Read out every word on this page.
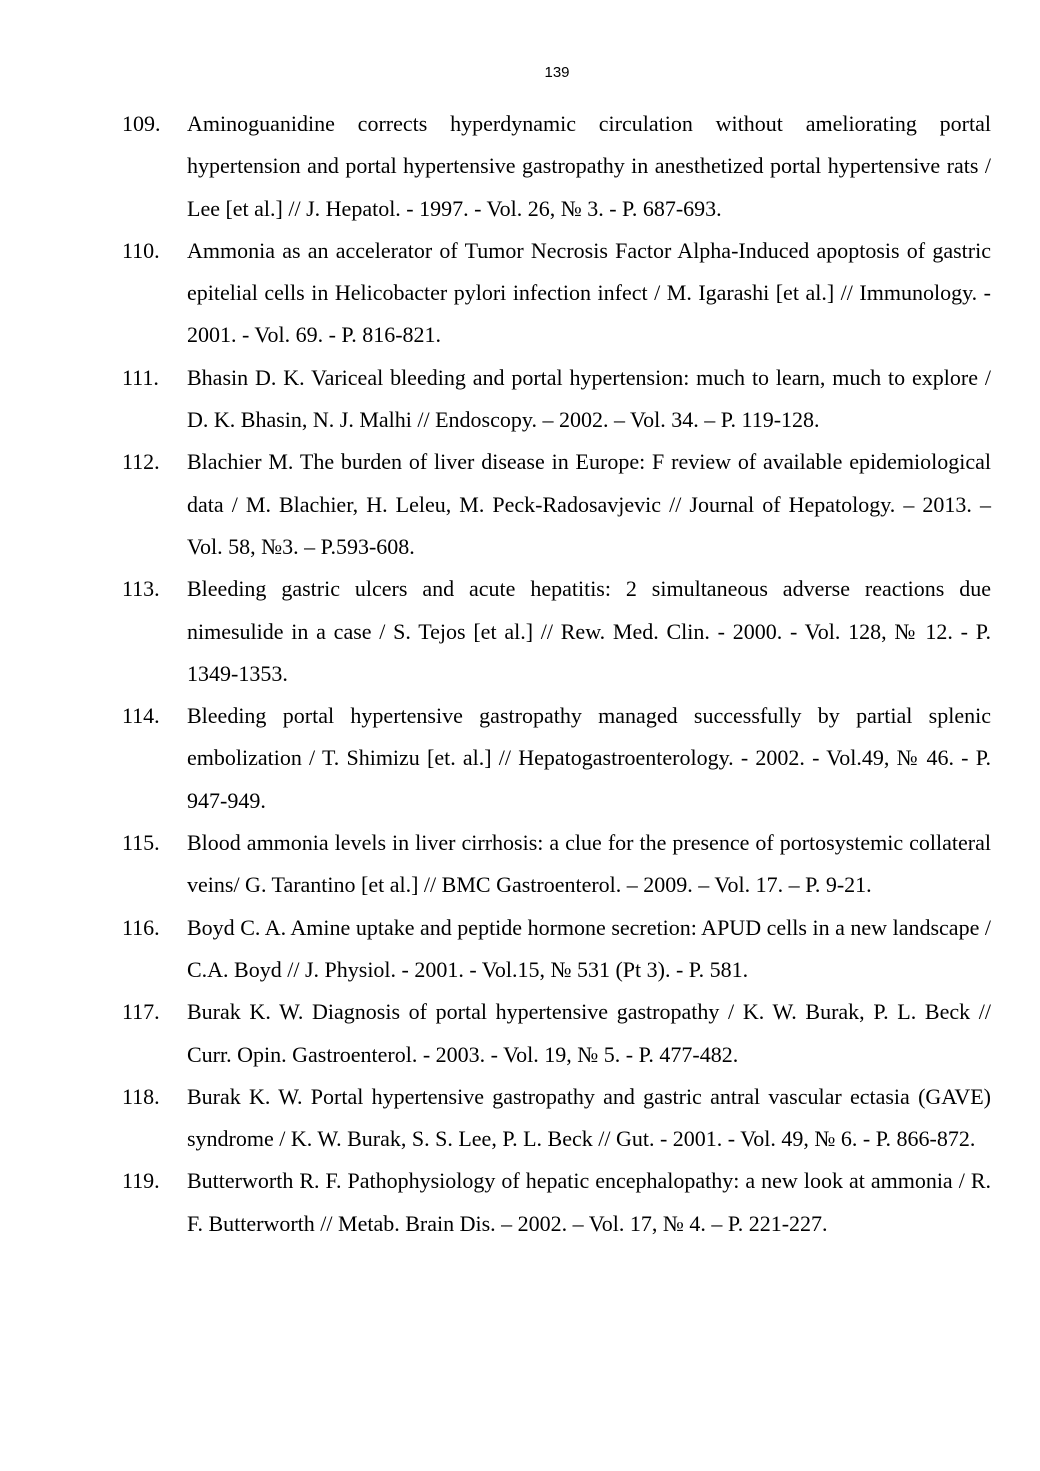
139
109. Aminoguanidine corrects hyperdynamic circulation without ameliorating portal hypertension and portal hypertensive gastropathy in anesthetized portal hypertensive rats / Lee [et al.] // J. Hepatol. - 1997. - Vol. 26, № 3. - P. 687-693.
110. Ammonia as an accelerator of Tumor Necrosis Factor Alpha-Induced apoptosis of gastric epitelial cells in Helicobacter pylori infection infect / M. Igarashi [et al.] // Immunology. - 2001. - Vol. 69. - P. 816-821.
111. Bhasin D. K. Variceal bleeding and portal hypertension: much to learn, much to explore / D. K. Bhasin, N. J. Malhi // Endoscopy. – 2002. – Vol. 34. – P. 119-128.
112. Blachier M. The burden of liver disease in Europe: F review of available epidemiological data / M. Blachier, H. Leleu, M. Peck-Radosavjevic // Journal of Hepatology. – 2013. – Vol. 58, №3. – P.593-608.
113. Bleeding gastric ulcers and acute hepatitis: 2 simultaneous adverse reactions due nimesulide in a case / S. Tejos [et al.] // Rew. Med. Clin. - 2000. - Vol. 128, № 12. - P. 1349-1353.
114. Bleeding portal hypertensive gastropathy managed successfully by partial splenic embolization / T. Shimizu [et. al.] // Hepatogastroenterology. - 2002. - Vol.49, № 46. - P. 947-949.
115. Blood ammonia levels in liver cirrhosis: a clue for the presence of portosystemic collateral veins/ G. Tarantino [et al.] // BMC Gastroenterol. – 2009. – Vol. 17. – P. 9-21.
116. Boyd C. A. Amine uptake and peptide hormone secretion: APUD cells in a new landscape / C.A. Boyd // J. Physiol. - 2001. - Vol.15, № 531 (Pt 3). - P. 581.
117. Burak K. W. Diagnosis of portal hypertensive gastropathy / K. W. Burak, P. L. Beck // Curr. Opin. Gastroenterol. - 2003. - Vol. 19, № 5. - P. 477-482.
118. Burak K. W. Portal hypertensive gastropathy and gastric antral vascular ectasia (GAVE) syndrome / K. W. Burak, S. S. Lee, P. L. Beck // Gut. - 2001. - Vol. 49, № 6. - P. 866-872.
119. Butterworth R. F. Pathophysiology of hepatic encephalopathy: a new look at ammonia / R. F. Butterworth // Metab. Brain Dis. – 2002. – Vol. 17, № 4. – P. 221-227.
